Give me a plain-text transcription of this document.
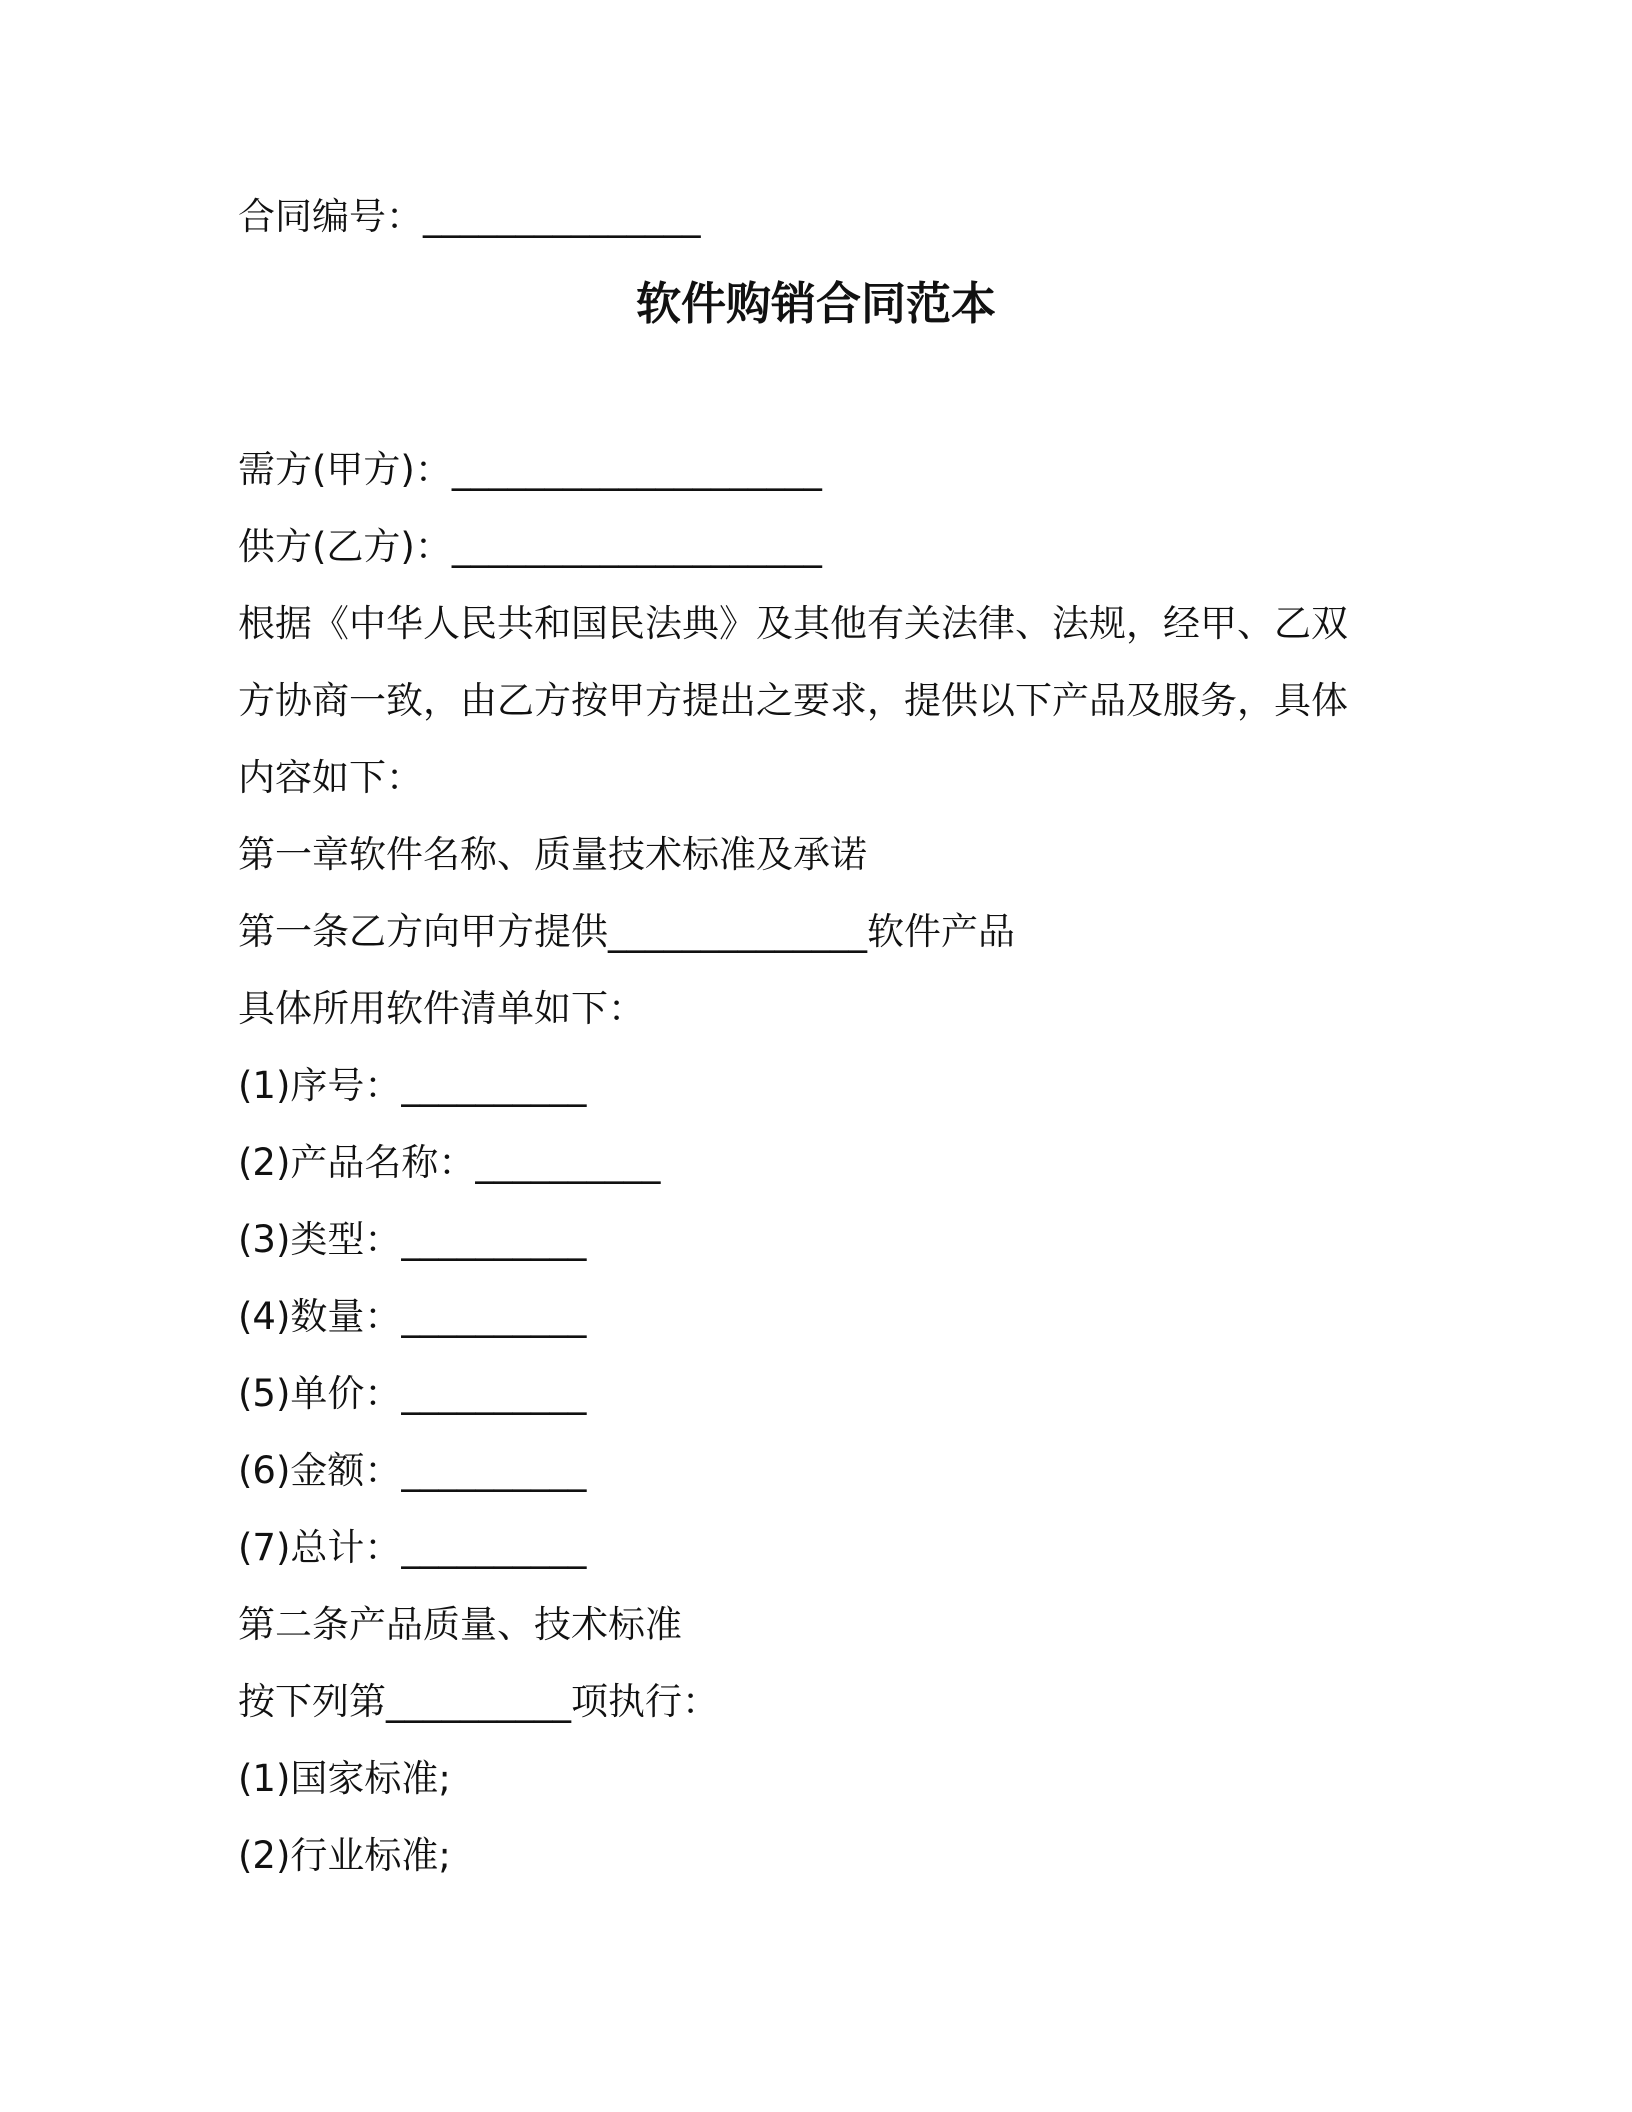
合同编号：_______________
软件购销合同范本
需方(甲方)：____________________
供方(乙方)：____________________
根据《中华人民共和国民法典》及其他有关法律、法规，经甲、乙双
方协商一致，由乙方按甲方提出之要求，提供以下产品及服务，具体
内容如下：
第一章软件名称、质量技术标准及承诺
第一条乙方向甲方提供______________软件产品
具体所用软件清单如下：
(1)序号：__________
(2)产品名称：__________
(3)类型：__________
(4)数量：__________
(5)单价：__________
(6)金额：__________
(7)总计：__________
第二条产品质量、技术标准
按下列第__________项执行：
(1)国家标准;
(2)行业标准;
